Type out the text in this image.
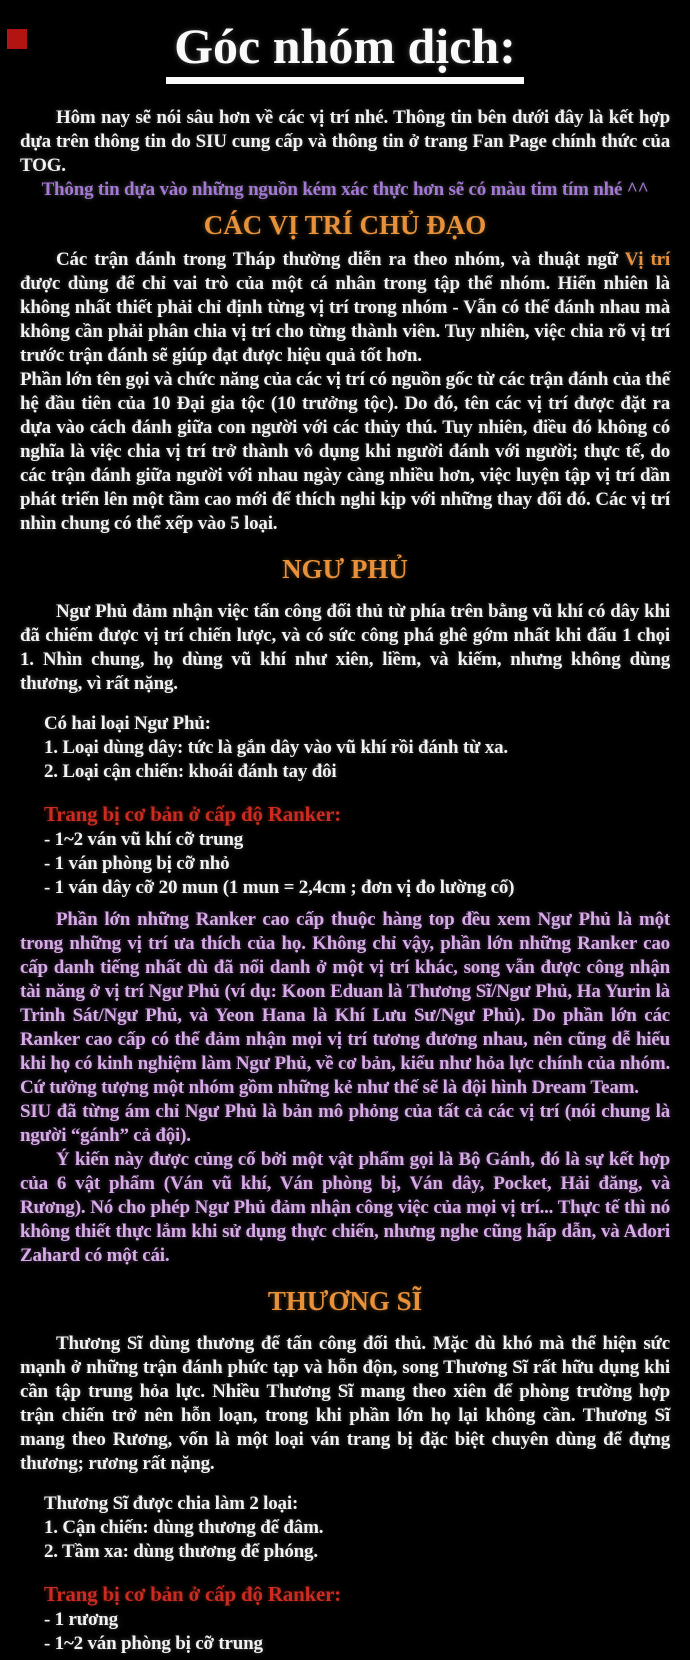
Góc nhóm dịch:

Hôm nay sẽ nói sâu hơn về các vị trí nhé. Thông tin bên dưới đây là kết hợp dựa trên thông tin do SIU cung cấp và thông tin ở trang Fan Page chính thức của TOG.

Thông tin dựa vào những nguồn kém xác thực hơn sẽ có màu tim tím nhé ^^

CÁC VỊ TRÍ CHỦ ĐẠO

Các trận đánh trong Tháp thường diễn ra theo nhóm, và thuật ngữ Vị trí được dùng để chỉ vai trò của một cá nhân trong tập thể nhóm. Hiển nhiên là không nhất thiết phải chỉ định từng vị trí trong nhóm - Vẫn có thể đánh nhau mà không cần phải phân chia vị trí cho từng thành viên. Tuy nhiên, việc chia rõ vị trí trước trận đánh sẽ giúp đạt được hiệu quả tốt hơn.

Phần lớn tên gọi và chức năng của các vị trí có nguồn gốc từ các trận đánh của thế hệ đầu tiên của 10 Đại gia tộc (10 trưởng tộc). Do đó, tên các vị trí được đặt ra dựa vào cách đánh giữa con người với các thủy thú. Tuy nhiên, điều đó không có nghĩa là việc chia vị trí trở thành vô dụng khi người đánh với người; thực tế, do các trận đánh giữa người với nhau ngày càng nhiều hơn, việc luyện tập vị trí dần phát triển lên một tầm cao mới để thích nghi kịp với những thay đổi đó. Các vị trí nhìn chung có thể xếp vào 5 loại.

NGƯ PHỦ

Ngư Phủ đảm nhận việc tấn công đối thủ từ phía trên bằng vũ khí có dây khi đã chiếm được vị trí chiến lược, và có sức công phá ghê gớm nhất khi đấu 1 chọi 1. Nhìn chung, họ dùng vũ khí như xiên, liềm, và kiếm, nhưng không dùng thương, vì rất nặng.

Có hai loại Ngư Phủ:

1. Loại dùng dây: tức là gắn dây vào vũ khí rồi đánh từ xa.

2. Loại cận chiến: khoái đánh tay đôi

Trang bị cơ bản ở cấp độ Ranker:

- 1~2 ván vũ khí cỡ trung

- 1 ván phòng bị cỡ nhỏ

- 1 ván dây cỡ 20 mun (1 mun = 2,4cm ; đơn vị đo lường cổ)

Phần lớn những Ranker cao cấp thuộc hàng top đều xem Ngư Phủ là một trong những vị trí ưa thích của họ. Không chỉ vậy, phần lớn những Ranker cao cấp danh tiếng nhất dù đã nổi danh ở một vị trí khác, song vẫn được công nhận tài năng ở vị trí Ngư Phủ (ví dụ: Koon Eduan là Thương Sĩ/Ngư Phủ, Ha Yurin là Trinh Sát/Ngư Phủ, và Yeon Hana là Khí Lưu Sư/Ngư Phủ). Do phần lớn các Ranker cao cấp có thể đảm nhận mọi vị trí tương đương nhau, nên cũng dễ hiểu khi họ có kinh nghiệm làm Ngư Phủ, về cơ bản, kiểu như hỏa lực chính của nhóm. Cứ tưởng tượng một nhóm gồm những kẻ như thế sẽ là đội hình Dream Team.

SIU đã từng ám chỉ Ngư Phủ là bản mô phỏng của tất cả các vị trí (nói chung là người “gánh” cả đội).

Ý kiến này được củng cố bởi một vật phẩm gọi là Bộ Gánh, đó là sự kết hợp của 6 vật phẩm (Ván vũ khí, Ván phòng bị, Ván dây, Pocket, Hải đăng, và Rương). Nó cho phép Ngư Phủ đảm nhận công việc của mọi vị trí... Thực tế thì nó không thiết thực lắm khi sử dụng thực chiến, nhưng nghe cũng hấp dẫn, và Adori Zahard có một cái.

THƯƠNG SĨ

Thương Sĩ dùng thương để tấn công đối thủ. Mặc dù khó mà thể hiện sức mạnh ở những trận đánh phức tạp và hỗn độn, song Thương Sĩ rất hữu dụng khi cần tập trung hỏa lực. Nhiều Thương Sĩ mang theo xiên để phòng trường hợp trận chiến trở nên hỗn loạn, trong khi phần lớn họ lại không cần. Thương Sĩ mang theo Rương, vốn là một loại ván trang bị đặc biệt chuyên dùng để đựng thương; rương rất nặng.

Thương Sĩ được chia làm 2 loại:

1. Cận chiến: dùng thương để đâm.

2. Tầm xa: dùng thương để phóng.

Trang bị cơ bản ở cấp độ Ranker:

- 1 rương

- 1~2 ván phòng bị cỡ trung
